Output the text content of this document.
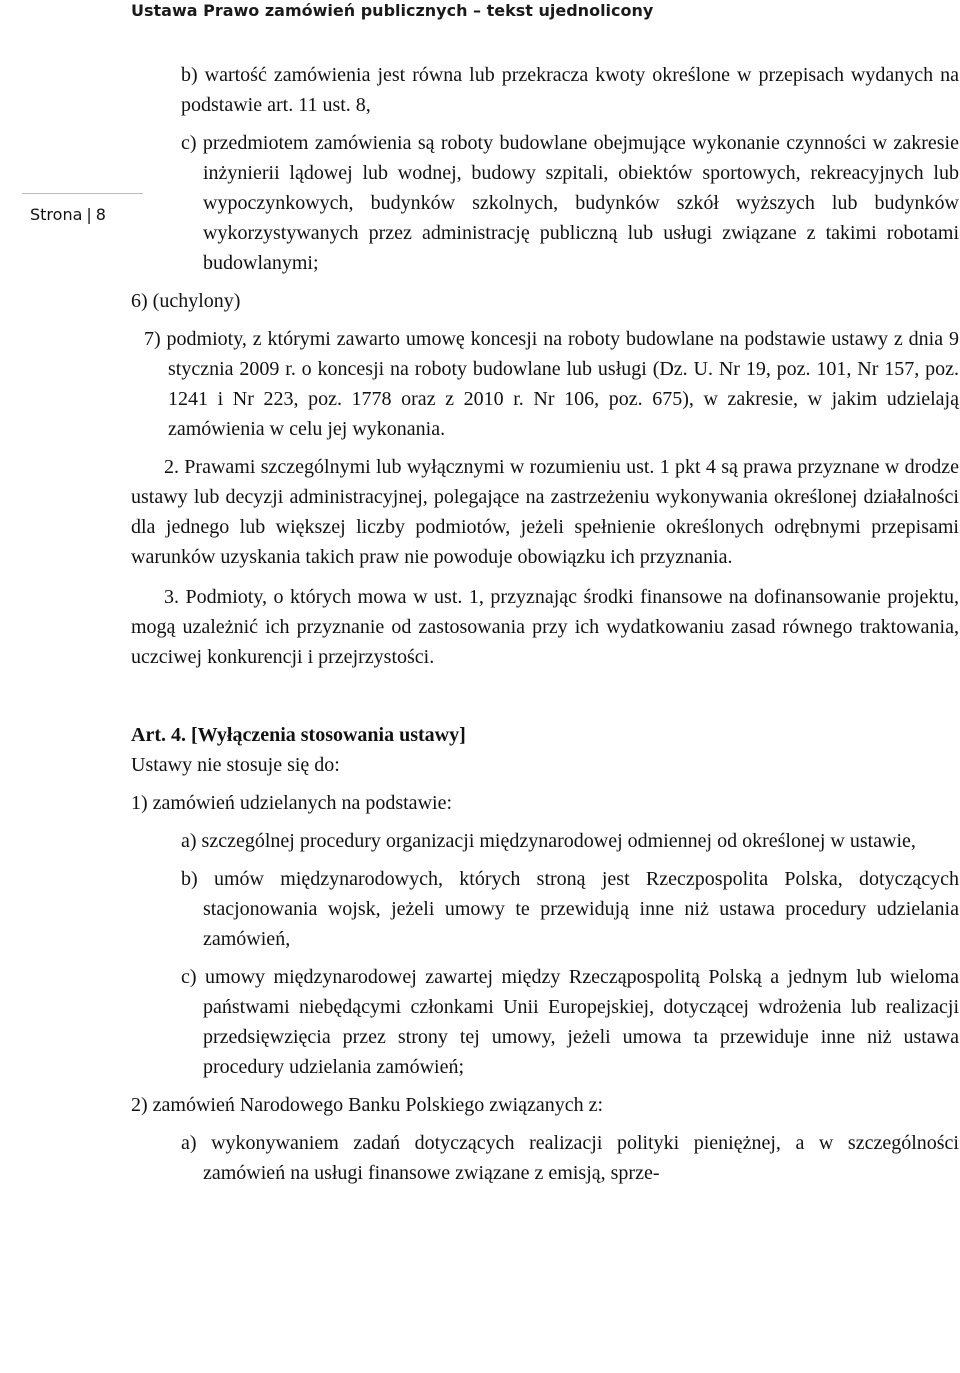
Ustawa Prawo zamówień publicznych – tekst ujednolicony
Strona | 8

b) wartość zamówienia jest równa lub przekracza kwoty określone w przepisach wydanych na podstawie art. 11 ust. 8,

c) przedmiotem zamówienia są roboty budowlane obejmujące wykonanie czynności w zakresie inżynierii lądowej lub wodnej, budowy szpitali, obiektów sportowych, rekreacyjnych lub wypoczynkowych, budynków szkolnych, budynków szkół wyższych lub budynków wykorzystywanych przez administrację publiczną lub usługi związane z takimi robotami budowlanymi;

6) (uchylony)

7) podmioty, z którymi zawarto umowę koncesji na roboty budowlane na podstawie ustawy z dnia 9 stycznia 2009 r. o koncesji na roboty budowlane lub usługi (Dz. U. Nr 19, poz. 101, Nr 157, poz. 1241 i Nr 223, poz. 1778 oraz z 2010 r. Nr 106, poz. 675), w zakresie, w jakim udzielają zamówienia w celu jej wykonania.

2. Prawami szczególnymi lub wyłącznymi w rozumieniu ust. 1 pkt 4 są prawa przyznane w drodze ustawy lub decyzji administracyjnej, polegające na zastrzeżeniu wykonywania określonej działalności dla jednego lub większej liczby podmiotów, jeżeli spełnienie określonych odrębnymi przepisami warunków uzyskania takich praw nie powoduje obowiązku ich przyznania.

3. Podmioty, o których mowa w ust. 1, przyznając środki finansowe na dofinansowanie projektu, mogą uzależnić ich przyznanie od zastosowania przy ich wydatkowaniu zasad równego traktowania, uczciwej konkurencji i przejrzystości.

Art. 4. [Wyłączenia stosowania ustawy]

Ustawy nie stosuje się do:

1) zamówień udzielanych na podstawie:

a) szczególnej procedury organizacji międzynarodowej odmiennej od określonej w ustawie,

b) umów międzynarodowych, których stroną jest Rzeczpospolita Polska, dotyczących stacjonowania wojsk, jeżeli umowy te przewidują inne niż ustawa procedury udzielania zamówień,

c) umowy międzynarodowej zawartej między Rzecząpospolitą Polską a jednym lub wieloma państwami niebędącymi członkami Unii Europejskiej, dotyczącej wdrożenia lub realizacji przedsięwzięcia przez strony tej umowy, jeżeli umowa ta przewiduje inne niż ustawa procedury udzielania zamówień;

2) zamówień Narodowego Banku Polskiego związanych z:

a) wykonywaniem zadań dotyczących realizacji polityki pieniężnej, a w szczególności zamówień na usługi finansowe związane z emisją, sprze-
